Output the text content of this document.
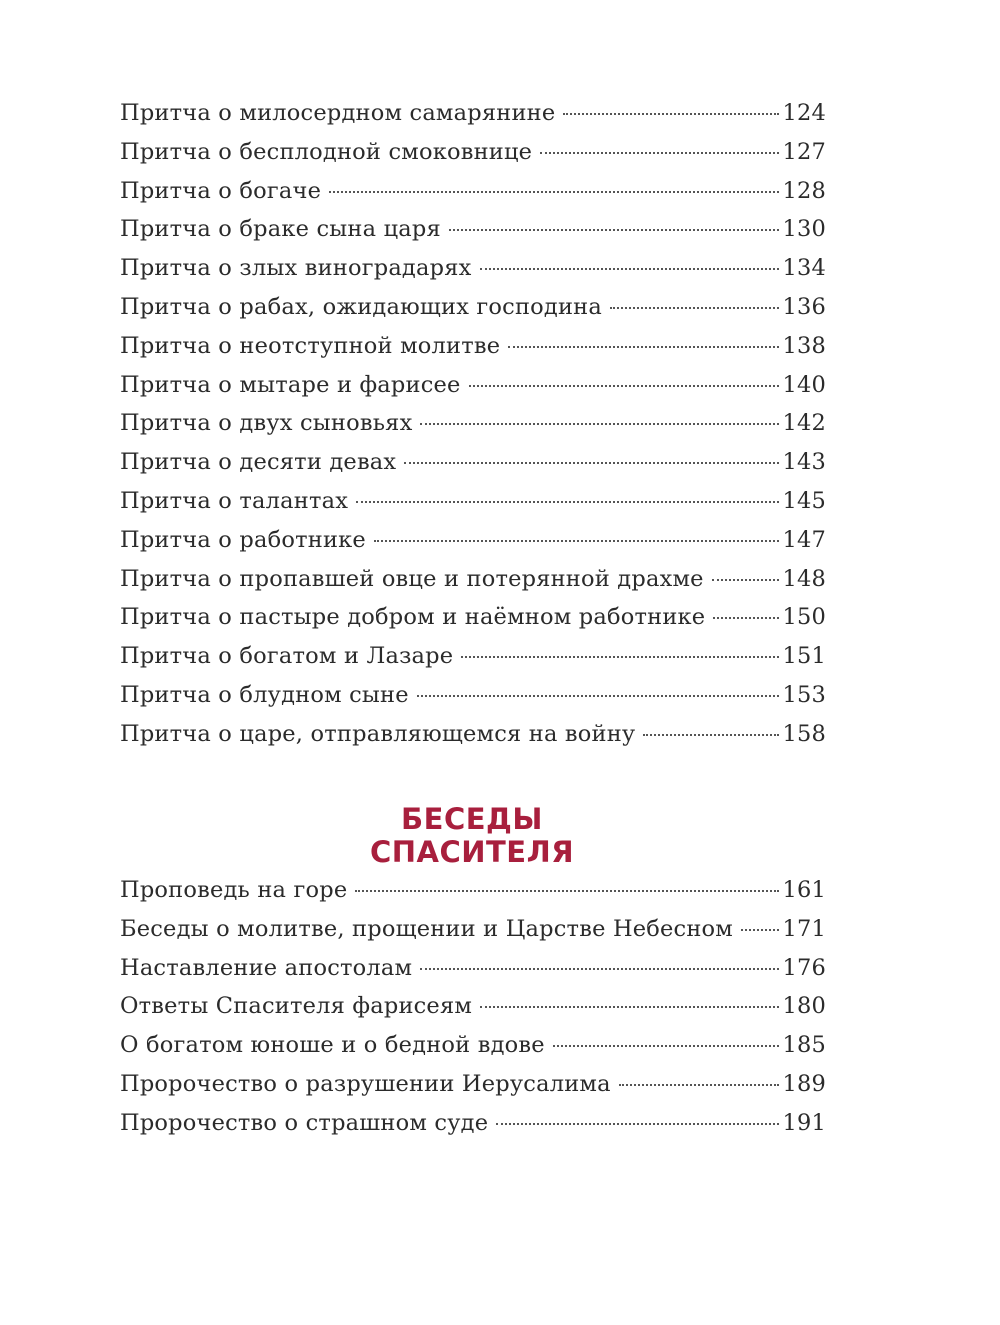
Притча о милосердном самарянине	124
Притча о бесплодной смоковнице	127
Притча о богаче	128
Притча о браке сына царя	130
Притча о злых виноградарях	134
Притча о рабах, ожидающих господина	136
Притча о неотступной молитве	138
Притча о мытаре и фарисее	140
Притча о двух сыновьях	142
Притча о десяти девах	143
Притча о талантах	145
Притча о работнике	147
Притча о пропавшей овце и потерянной драхме	148
Притча о пастыре добром и наёмном работнике	150
Притча о богатом и Лазаре	151
Притча о блудном сыне	153
Притча о царе, отправляющемся на войну	158
БЕСЕДЫ
СПАСИТЕЛЯ
Проповедь на горе	161
Беседы о молитве, прощении и Царстве Небесном 171
Наставление апостолам	176
Ответы Спасителя фарисеям	180
О богатом юноше и о бедной вдове	185
Пророчество о разрушении Иерусалима	189
Пророчество о страшном суде	191
